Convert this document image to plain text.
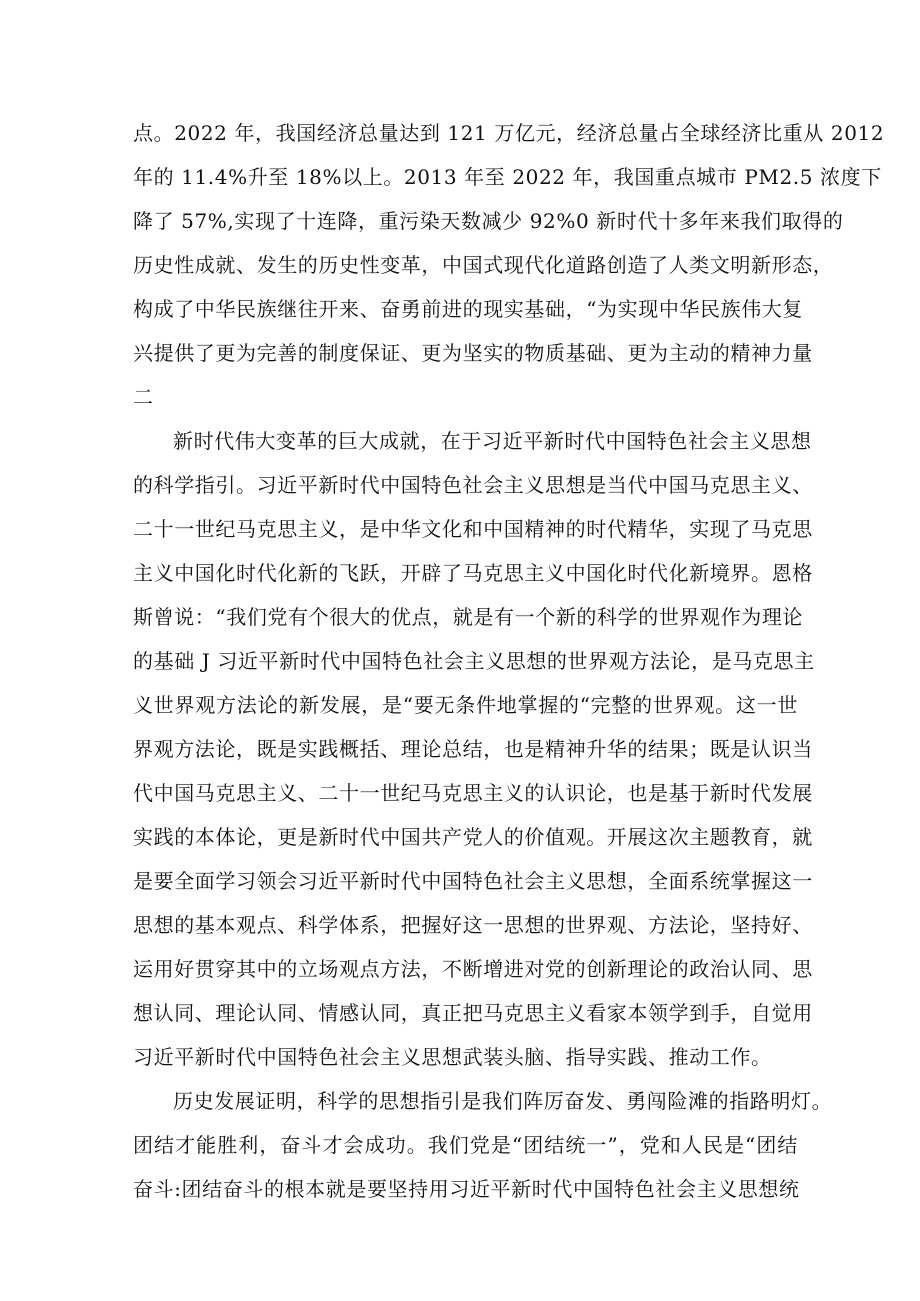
点。2022 年，我国经济总量达到 121 万亿元，经济总量占全球经济比重从 2012
年的 11.4%升至 18%以上。2013 年至 2022 年，我国重点城市 PM2.5 浓度下
降了 57%,实现了十连降，重污染天数减少 92%0 新时代十多年来我们取得的
历史性成就、发生的历史性变革，中国式现代化道路创造了人类文明新形态，
构成了中华民族继往开来、奋勇前进的现实基础，“为实现中华民族伟大复
兴提供了更为完善的制度保证、更为坚实的物质基础、更为主动的精神力量
二
新时代伟大变革的巨大成就，在于习近平新时代中国特色社会主义思想
的科学指引。习近平新时代中国特色社会主义思想是当代中国马克思主义、
二十一世纪马克思主义，是中华文化和中国精神的时代精华，实现了马克思
主义中国化时代化新的飞跃，开辟了马克思主义中国化时代化新境界。恩格
斯曾说：“我们党有个很大的优点，就是有一个新的科学的世界观作为理论
的基础 J 习近平新时代中国特色社会主义思想的世界观方法论，是马克思主
义世界观方法论的新发展，是“要无条件地掌握的“完整的世界观。这一世
界观方法论，既是实践概括、理论总结，也是精神升华的结果；既是认识当
代中国马克思主义、二十一世纪马克思主义的认识论，也是基于新时代发展
实践的本体论，更是新时代中国共产党人的价值观。开展这次主题教育，就
是要全面学习领会习近平新时代中国特色社会主义思想，全面系统掌握这一
思想的基本观点、科学体系，把握好这一思想的世界观、方法论，坚持好、
运用好贯穿其中的立场观点方法，不断增进对党的创新理论的政治认同、思
想认同、理论认同、情感认同，真正把马克思主义看家本领学到手，自觉用
习近平新时代中国特色社会主义思想武装头脑、指导实践、推动工作。
历史发展证明，科学的思想指引是我们阵厉奋发、勇闯险滩的指路明灯。
团结才能胜利，奋斗才会成功。我们党是“团结统一”，党和人民是“团结
奋斗:团结奋斗的根本就是要坚持用习近平新时代中国特色社会主义思想统
